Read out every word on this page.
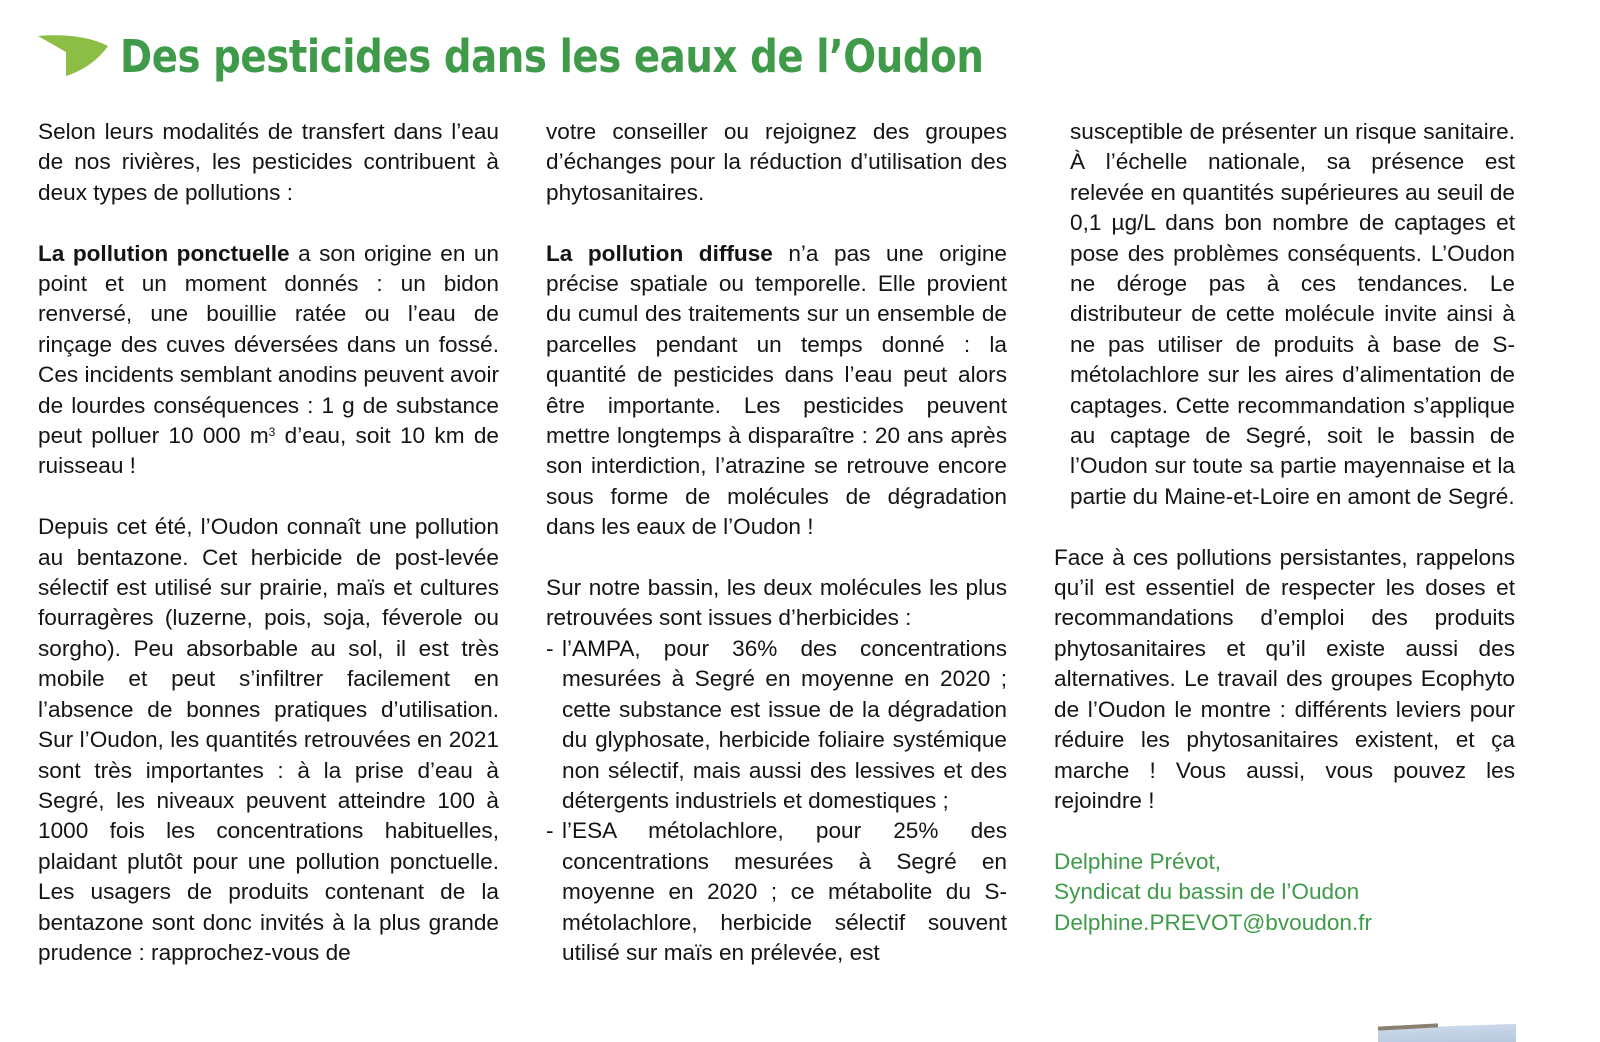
Des pesticides dans les eaux de l’Oudon

Selon leurs modalités de transfert dans l’eau de nos rivières, les pesticides contribuent à deux types de pollutions :

La pollution ponctuelle a son origine en un point et un moment donnés : un bidon renversé, une bouillie ratée ou l’eau de rinçage des cuves déversées dans un fossé. Ces incidents semblant anodins peuvent avoir de lourdes conséquences : 1 g de substance peut polluer 10 000 $m^3$ d’eau, soit 10 km de ruisseau !

Depuis cet été, l’Oudon connaît une pollution au bentazone. Cet herbicide de post-levée sélectif est utilisé sur prairie, maïs et cultures fourragères (luzerne, pois, soja, féverole ou sorgho). Peu absorbable au sol, il est très mobile et peut s’infiltrer facilement en l’absence de bonnes pratiques d’utilisation. Sur l’Oudon, les quantités retrouvées en 2021 sont très importantes : à la prise d’eau à Segré, les niveaux peuvent atteindre 100 à 1000 fois les concentrations habituelles, plaidant plutôt pour une pollution ponctuelle. Les usagers de produits contenant de la bentazone sont donc invités à la plus grande prudence : rapprochez-vous de

votre conseiller ou rejoignez des groupes d’échanges pour la réduction d’utilisation des phytosanitaires.

La pollution diffuse n’a pas une origine précise spatiale ou temporelle. Elle provient du cumul des traitements sur un ensemble de parcelles pendant un temps donné : la quantité de pesticides dans l’eau peut alors être importante. Les pesticides peuvent mettre longtemps à disparaître : 20 ans après son interdiction, l’atrazine se retrouve encore sous forme de molécules de dégradation dans les eaux de l’Oudon !

Sur notre bassin, les deux molécules les plus retrouvées sont issues d’herbicides :

- l’AMPA, pour 36% des concentrations mesurées à Segré en moyenne en 2020 ; cette substance est issue de la dégradation du glyphosate, herbicide foliaire systémique non sélectif, mais aussi des lessives et des détergents industriels et domestiques ;
- l’ESA métolachlore, pour 25% des concentrations mesurées à Segré en moyenne en 2020 ; ce métabolite du S-métolachlore, herbicide sélectif souvent utilisé sur maïs en prélevée, est

susceptible de présenter un risque sanitaire. À l’échelle nationale, sa présence est relevée en quantités supérieures au seuil de 0,1 µg/L dans bon nombre de captages et pose des problèmes conséquents. L’Oudon ne déroge pas à ces tendances. Le distributeur de cette molécule invite ainsi à ne pas utiliser de produits à base de S-métolachlore sur les aires d’alimentation de captages. Cette recommandation s’applique au captage de Segré, soit le bassin de l’Oudon sur toute sa partie mayennaise et la partie du Maine-et-Loire en amont de Segré.

Face à ces pollutions persistantes, rappelons qu’il est essentiel de respecter les doses et recommandations d’emploi des produits phytosanitaires et qu’il existe aussi des alternatives. Le travail des groupes Ecophyto de l’Oudon le montre : différents leviers pour réduire les phytosanitaires existent, et ça marche ! Vous aussi, vous pouvez les rejoindre !

Delphine Prévot,
Syndicat du bassin de l’Oudon
Delphine.PREVOT@bvoudon.fr
